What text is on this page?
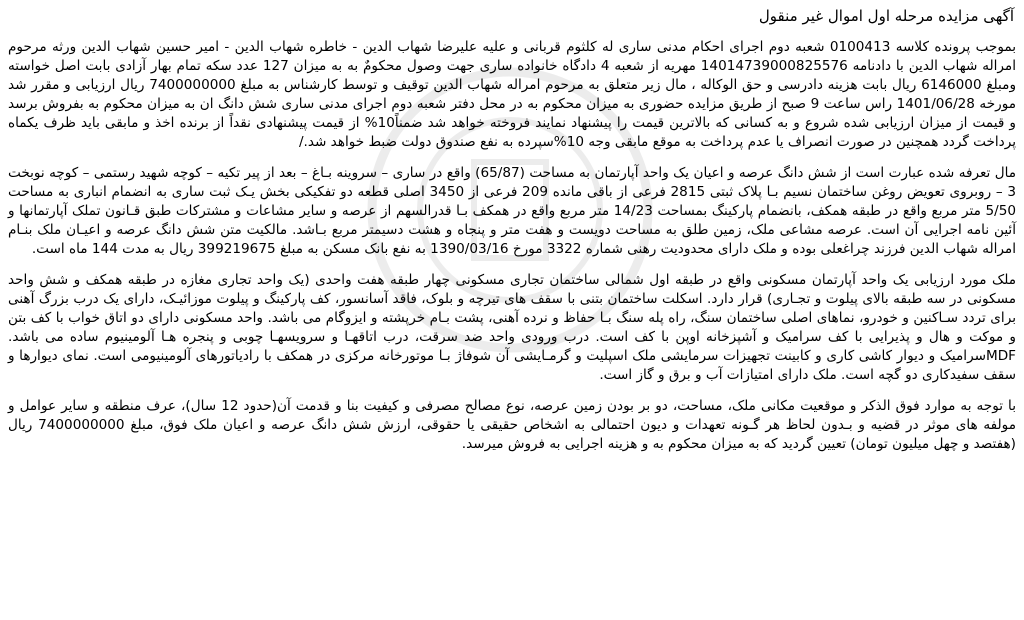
آگهی مزایده مرحله اول اموال غیر منقول

بموجب پرونده کلاسه 0100413 شعبه دوم اجرای احکام مدنی ساری له کلثوم قربانی و علیه علیرضا شهاب الدین - خاطره شهاب الدین - امیر حسین شهاب الدین ورثه مرحوم امراله شهاب الدین با دادنامه 14014739000825576 مهریه از شعبه 4 دادگاه خانواده ساری جهت وصول محکومٌ به به میزان 127 عدد سکه تمام بهار آزادی بابت اصل خواسته ومبلغ 6146000 ریال بابت هزینه دادرسی و حق الوکاله ، مال زیر متعلق به مرحوم امراله شهاب الدین توقیف و توسط کارشناس به مبلغ 7400000000 ریال ارزیابی و مقرر شد مورخه 1401/06/28 راس ساعت 9 صبح از طریق مزایده حضوری به میزان محکوم به در محل دفتر شعبه دوم اجرای مدنی ساری شش دانگ ان به میزان محکوم به بفروش برسد و قیمت از میزان ارزیابی شده شروع و به کسانی که بالاترین قیمت را پیشنهاد نمایند فروخته خواهد شد ضمناً10% از قیمت پیشنهادی نقداً از برنده اخذ و مابقی باید ظرف یکماه پرداخت گردد همچنین در صورت انصراف یا عدم پرداخت به موقع مابقی وجه 10%سپرده به نفع صندوق دولت ضبط خواهد شد./

مال تعرفه شده عبارت است از شش دانگ عرصه و اعیان یک واحد آپارتمان به مساحت (65/87) واقع در ساری – سروینه بـاغ – بعد از پیر تکیه – کوچه شهید رستمی – کوچه نوبخت 3 – روبروی تعویض روغن ساختمان نسیم بـا پلاک ثبتی 2815 فرعی از باقی مانده 209 فرعی از 3450 اصلی قطعه دو تفکیکی بخش یـک ثبت ساری به انضمام انباری به مساحت 5/50 متر مربع واقع در طبقه همکف، بانضمام پارکینگ بمساحت 14/23 متر مربع واقع در همکف بـا قدرالسهم از عرصه و سایر مشاعات و مشترکات طبق قـانون تملک آپارتمانها و آئین نامه اجرایی آن است. عرصه مشاعی ملک، زمین طلق به مساحت دویست و هفت متر و پنجاه و هشت دسیمتر مربع بـاشد. مالکیت متن شش دانگ عرصه و اعیـان ملک بنـام امراله شهاب الدین فرزند چراغعلی بوده و ملک دارای محدودیت رهنی شماره 3322 مورخ 1390/03/16 به نفع بانک مسکن به مبلغ 399219675 ریال به مدت 144 ماه است.

ملک مورد ارزیابی یک واحد آپارتمان مسکونی واقع در طبقه اول شمالی ساختمان تجاری مسکونی چهار طبقه هفت واحدی (یک واحد تجاری مغازه در طبقه همکف و شش واحد مسکونی در سه طبقه بالای پیلوت و تجـاری) قرار دارد. اسکلت ساختمان بتنی با سقف های تیرچه و بلوک، فاقد آسانسور، کف پارکینگ و پیلوت موزائیـک، دارای یک درب بزرگ آهنی برای تردد سـاکنین و خودرو، نماهای اصلی ساختمان سنگ، راه پله سنگ بـا حفاظ و نرده آهنی، پشت بـام خرپشته و ایزوگام می باشد. واحد مسکونی دارای دو اتاق خواب با کف بتن و موکت و هال و پذیرایی با کف سرامیک و آشپزخانه اوپن با کف است. درب ورودی واحد ضد سرقت، درب اتاقهـا و سرویسهـا چوبی و پنجره هـا آلومینیوم ساده می باشد. MDFسرامیک و دیوار کاشی کاری و کابینت تجهیزات سرمایشی ملک اسپلیت و گرمـایشی آن شوفاژ بـا موتورخانه مرکزی در همکف با رادیاتورهای آلومینیومی است. نمای دیوارها و سقف سفیدکاری دو گچه است. ملک دارای امتیازات آب و برق و گاز است.

با توجه به موارد فوق الذکر و موقعیت مکانی ملک، مساحت، دو بر بودن زمین عرصه، نوع مصالح مصرفی و کیفیت بنا و قدمت آن(حدود 12 سال)، عرف منطقه و سایر عوامل و مولفه های موثر در قضیه و بـدون لحاظ هر گـونه تعهدات و دیون احتمالی به اشخاص حقیقی یا حقوقی، ارزش شش دانگ عرصه و اعیان ملک فوق، مبلغ 7400000000 ریال (هفتصد و چهل میلیون تومان) تعیین گردید که به میزان محکوم به و هزینه اجرایی به فروش میرسد.
